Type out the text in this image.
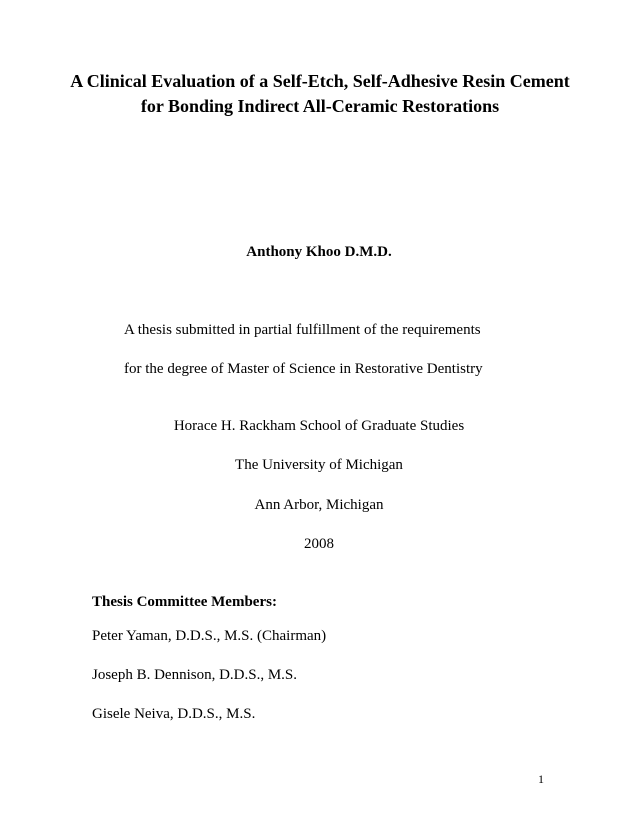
A Clinical Evaluation of a Self-Etch, Self-Adhesive Resin Cement for Bonding Indirect All-Ceramic Restorations
Anthony Khoo D.M.D.
A thesis submitted in partial fulfillment of the requirements
for the degree of Master of Science in Restorative Dentistry
Horace H. Rackham School of Graduate Studies
The University of Michigan
Ann Arbor, Michigan
2008
Thesis Committee Members:
Peter Yaman, D.D.S., M.S. (Chairman)
Joseph B. Dennison, D.D.S., M.S.
Gisele Neiva, D.D.S., M.S.
1
